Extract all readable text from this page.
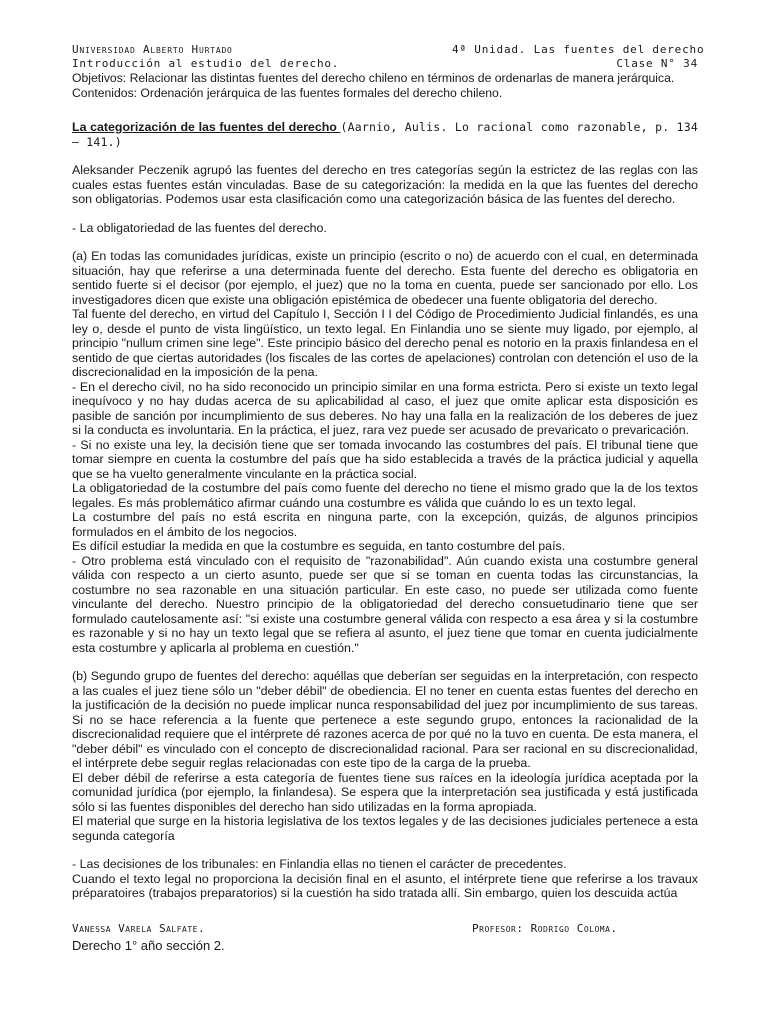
Universidad Alberto Hurtado	4ª Unidad. Las fuentes del derecho
Introducción al estudio del derecho.	Clase N° 34
Objetivos: Relacionar las distintas fuentes del derecho chileno en términos de ordenarlas de manera jerárquica.
Contenidos: Ordenación jerárquica de las fuentes formales del derecho chileno.

La categorización de las fuentes del derecho (Aarnio, Aulis. Lo racional como razonable, p. 134 – 141.)

Aleksander Peczenik agrupó las fuentes del derecho en tres categorías según la estrictez de las reglas con las cuales estas fuentes están vinculadas. Base de su categorización: la medida en la que las fuentes del derecho son obligatorias. Podemos usar esta clasificación como una categorización básica de las fuentes del derecho.

- La obligatoriedad de las fuentes del derecho.

(a) En todas las comunidades jurídicas, existe un principio (escrito o no) de acuerdo con el cual, en determinada situación, hay que referirse a una determinada fuente del derecho. Esta fuente del derecho es obligatoria en sentido fuerte si el decisor (por ejemplo, el juez) que no la toma en cuenta, puede ser sancionado por ello. Los investigadores dicen que existe una obligación epistémica de obedecer una fuente obligatoria del derecho.

Tal fuente del derecho, en virtud del Capítulo I, Sección I I del Código de Procedimiento Judicial finlandés, es una ley o, desde el punto de vista lingüístico, un texto legal. En Finlandia uno se siente muy ligado, por ejemplo, al principio "nullum crimen sine lege". Este principio básico del derecho penal es notorio en la praxis finlandesa en el sentido de que ciertas autoridades (los fiscales de las cortes de apelaciones) controlan con detención el uso de la discrecionalidad en la imposición de la pena.

- En el derecho civil, no ha sido reconocido un principio similar en una forma estricta. Pero si existe un texto legal inequívoco y no hay dudas acerca de su aplicabilidad al caso, el juez que omite aplicar esta disposición es pasible de sanción por incumplimiento de sus deberes. No hay una falla en la realización de los deberes de juez si la conducta es involuntaria. En la práctica, el juez, rara vez puede ser acusado de prevaricato o prevaricación.

- Si no existe una ley, la decisión tiene que ser tomada invocando las costumbres del país. El tribunal tiene que tomar siempre en cuenta la costumbre del país que ha sido establecida a través de la práctica judicial y aquella que se ha vuelto generalmente vinculante en la práctica social.

La obligatoriedad de la costumbre del país como fuente del derecho no tiene el mismo grado que la de los textos legales. Es más problemático afirmar cuándo una costumbre es válida que cuándo lo es un texto legal.

La costumbre del país no está escrita en ninguna parte, con la excepción, quizás, de algunos principios formulados en el ámbito de los negocios.

Es difícil estudiar la medida en que la costumbre es seguida, en tanto costumbre del país.

- Otro problema está vinculado con el requisito de "razonabilidad". Aún cuando exista una costumbre general válida con respecto a un cierto asunto, puede ser que si se toman en cuenta todas las circunstancias, la costumbre no sea razonable en una situación particular. En este caso, no puede ser utilizada como fuente vinculante del derecho. Nuestro principio de la obligatoriedad del derecho consuetudinario tiene que ser formulado cautelosamente así: "si existe una costumbre general válida con respecto a esa área y si la costumbre es razonable y si no hay un texto legal que se refiera al asunto, el juez tiene que tomar en cuenta judicialmente esta costumbre y aplicarla al problema en cuestión."

(b) Segundo grupo de fuentes del derecho: aquéllas que deberían ser seguidas en la interpretación, con respecto a las cuales el juez tiene sólo un "deber débil" de obediencia. El no tener en cuenta estas fuentes del derecho en la justificación de la decisión no puede implicar nunca responsabilidad del juez por incumplimiento de sus tareas. Si no se hace referencia a la fuente que pertenece a este segundo grupo, entonces la racionalidad de la discrecionalidad requiere que el intérprete dé razones acerca de por qué no la tuvo en cuenta. De esta manera, el "deber débil" es vinculado con el concepto de discrecionalidad racional. Para ser racional en su discrecionalidad, el intérprete debe seguir reglas relacionadas con este tipo de la carga de la prueba.

El deber débil de referirse a esta categoría de fuentes tiene sus raíces en la ideología jurídica aceptada por la comunidad jurídica (por ejemplo, la finlandesa). Se espera que la interpretación sea justificada y está justificada sólo si las fuentes disponibles del derecho han sido utilizadas en la forma apropiada.

El material que surge en la historia legislativa de los textos legales y de las decisiones judiciales pertenece a esta segunda categoría

- Las decisiones de los tribunales: en Finlandia ellas no tienen el carácter de precedentes.

Cuando el texto legal no proporciona la decisión final en el asunto, el intérprete tiene que referirse a los travaux préparatoires (trabajos preparatorios) si la cuestión ha sido tratada allí. Sin embargo, quien los descuida actúa

Vanessa Varela Salfate.	Profesor: Rodrigo Coloma.
Derecho 1° año sección 2.
